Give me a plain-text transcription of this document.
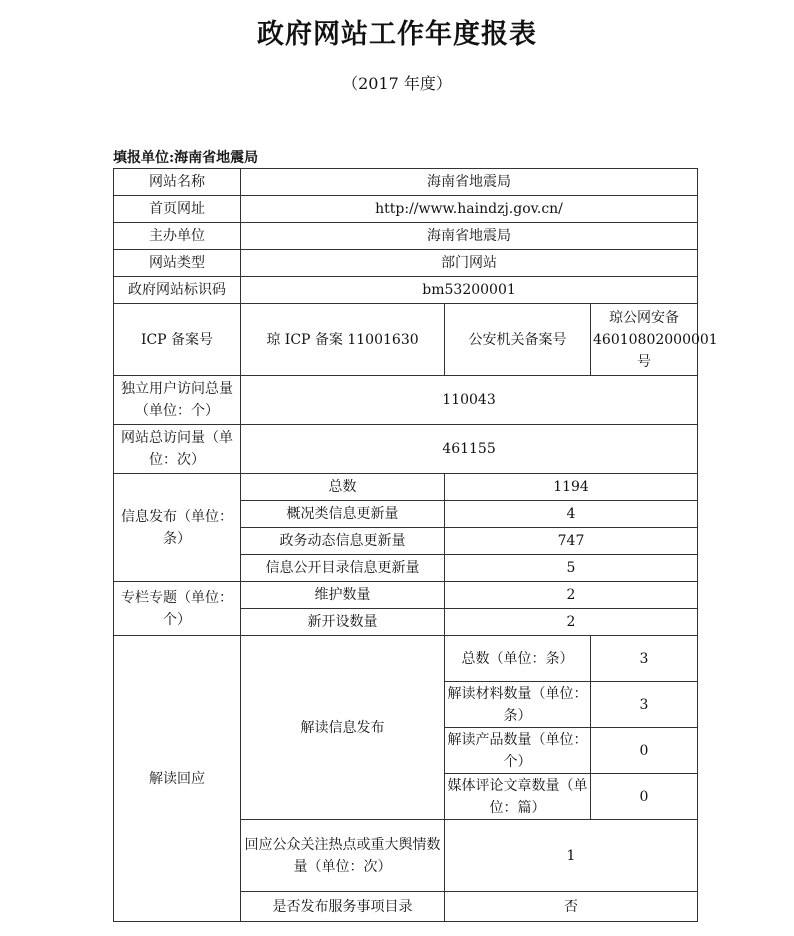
政府网站工作年度报表
（2017 年度）
填报单位:海南省地震局
网站名称	海南省地震局		
首页网址	http://www.haindzj.gov.cn/		
主办单位	海南省地震局		
网站类型	部门网站		
政府网站标识码	bm53200001		
ICP 备案号	琼 ICP 备案 11001630	公安机关备案号	琼公网安备 46010802000001 号
独立用户访问总量（单位：个）	110043		
网站总访问量（单位：次）	461155		
信息发布（单位：条）	总数	1194	
	概况类信息更新量	4	
	政务动态信息更新量	747	
	信息公开目录信息更新量	5	
专栏专题（单位：个）	维护数量	2	
	新开设数量	2	
解读回应	解读信息发布	总数（单位：条）	3
		解读材料数量（单位：条）	3
		解读产品数量（单位：个）	0
		媒体评论文章数量（单位：篇）	0
	回应公众关注热点或重大舆情数量（单位：次）	1	
	是否发布服务事项目录	否	
